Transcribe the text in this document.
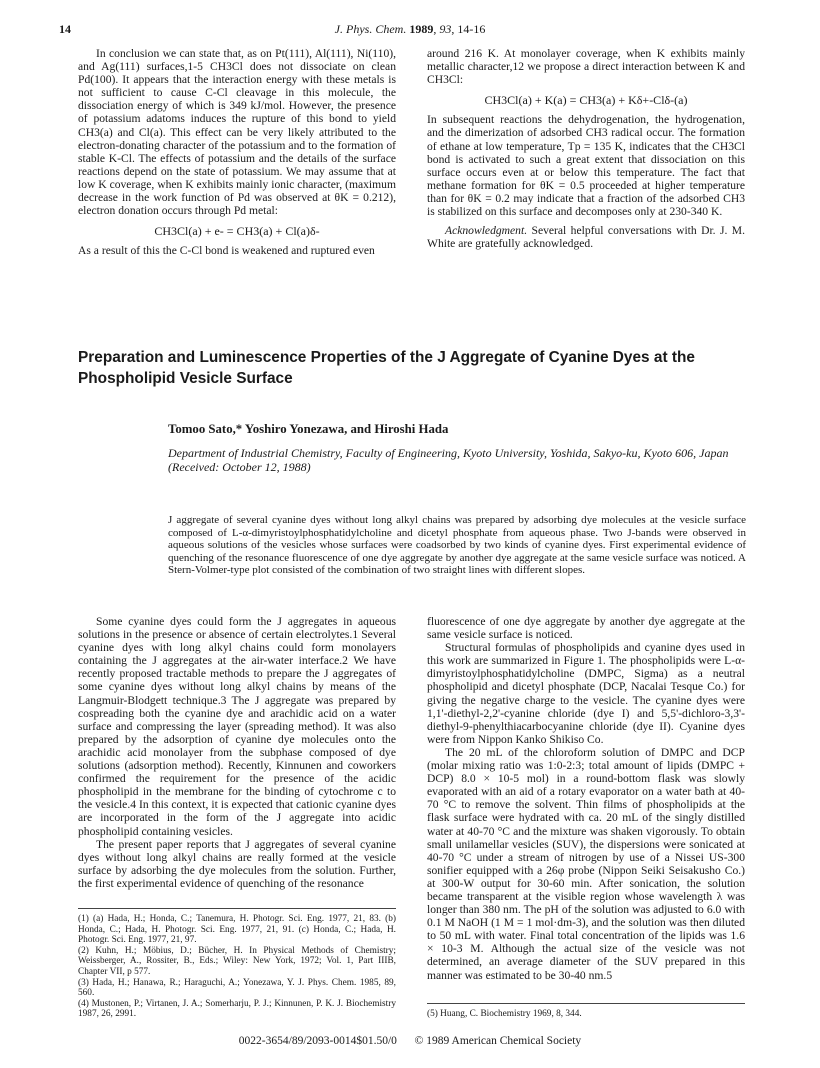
14	J. Phys. Chem. 1989, 93, 14-16

In conclusion we can state that, as on Pt(111), Al(111), Ni(110), and Ag(111) surfaces,1-5 CH3Cl does not dissociate on clean Pd(100). It appears that the interaction energy with these metals is not sufficient to cause C-Cl cleavage in this molecule, the dissociation energy of which is 349 kJ/mol. However, the presence of potassium adatoms induces the rupture of this bond to yield CH3(a) and Cl(a). This effect can be very likely attributed to the electron-donating character of the potassium and to the formation of stable K-Cl. The effects of potassium and the details of the surface reactions depend on the state of potassium. We may assume that at low K coverage, when K exhibits mainly ionic character, (maximum decrease in the work function of Pd was observed at θK = 0.212), electron donation occurs through Pd metal:

CH3Cl(a) + e- = CH3(a) + Cl(a)δ-

As a result of this the C-Cl bond is weakened and ruptured even

around 216 K. At monolayer coverage, when K exhibits mainly metallic character,12 we propose a direct interaction between K and CH3Cl:

CH3Cl(a) + K(a) = CH3(a) + Kδ+-Clδ-(a)

In subsequent reactions the dehydrogenation, the hydrogenation, and the dimerization of adsorbed CH3 radical occur. The formation of ethane at low temperature, Tp = 135 K, indicates that the CH3Cl bond is activated to such a great extent that dissociation on this surface occurs even at or below this temperature. The fact that methane formation for θK = 0.5 proceeded at higher temperature than for θK = 0.2 may indicate that a fraction of the adsorbed CH3 is stabilized on this surface and decomposes only at 230-340 K.

Acknowledgment. Several helpful conversations with Dr. J. M. White are gratefully acknowledged.

Preparation and Luminescence Properties of the J Aggregate of Cyanine Dyes at the Phospholipid Vesicle Surface
Tomoo Sato,* Yoshiro Yonezawa, and Hiroshi Hada
Department of Industrial Chemistry, Faculty of Engineering, Kyoto University, Yoshida, Sakyo-ku, Kyoto 606, Japan (Received: October 12, 1988)
J aggregate of several cyanine dyes without long alkyl chains was prepared by adsorbing dye molecules at the vesicle surface composed of L-α-dimyristoylphosphatidylcholine and dicetyl phosphate from aqueous phase. Two J-bands were observed in aqueous solutions of the vesicles whose surfaces were coadsorbed by two kinds of cyanine dyes. First experimental evidence of quenching of the resonance fluorescence of one dye aggregate by another dye aggregate at the same vesicle surface was noticed. A Stern-Volmer-type plot consisted of the combination of two straight lines with different slopes.

Some cyanine dyes could form the J aggregates in aqueous solutions in the presence or absence of certain electrolytes.1 Several cyanine dyes with long alkyl chains could form monolayers containing the J aggregates at the air-water interface.2 We have recently proposed tractable methods to prepare the J aggregates of some cyanine dyes without long alkyl chains by means of the Langmuir-Blodgett technique.3 The J aggregate was prepared by cospreading both the cyanine dye and arachidic acid on a water surface and compressing the layer (spreading method). It was also prepared by the adsorption of cyanine dye molecules onto the arachidic acid monolayer from the subphase composed of dye solutions (adsorption method). Recently, Kinnunen and coworkers confirmed the requirement for the presence of the acidic phospholipid in the membrane for the binding of cytochrome c to the vesicle.4 In this context, it is expected that cationic cyanine dyes are incorporated in the form of the J aggregate into acidic phospholipid containing vesicles.

The present paper reports that J aggregates of several cyanine dyes without long alkyl chains are really formed at the vesicle surface by adsorbing the dye molecules from the solution. Further, the first experimental evidence of quenching of the resonance

(1) (a) Hada, H.; Honda, C.; Tanemura, H. Photogr. Sci. Eng. 1977, 21, 83. (b) Honda, C.; Hada, H. Photogr. Sci. Eng. 1977, 21, 91. (c) Honda, C.; Hada, H. Photogr. Sci. Eng. 1977, 21, 97.

(2) Kuhn, H.; Möbius, D.; Bücher, H. In Physical Methods of Chemistry; Weissberger, A., Rossiter, B., Eds.; Wiley: New York, 1972; Vol. 1, Part IIIB, Chapter VII, p 577.

(3) Hada, H.; Hanawa, R.; Haraguchi, A.; Yonezawa, Y. J. Phys. Chem. 1985, 89, 560.

(4) Mustonen, P.; Virtanen, J. A.; Somerharju, P. J.; Kinnunen, P. K. J. Biochemistry 1987, 26, 2991.

fluorescence of one dye aggregate by another dye aggregate at the same vesicle surface is noticed.

Structural formulas of phospholipids and cyanine dyes used in this work are summarized in Figure 1. The phospholipids were L-α-dimyristoylphosphatidylcholine (DMPC, Sigma) as a neutral phospholipid and dicetyl phosphate (DCP, Nacalai Tesque Co.) for giving the negative charge to the vesicle. The cyanine dyes were 1,1'-diethyl-2,2'-cyanine chloride (dye I) and 5,5'-dichloro-3,3'-diethyl-9-phenylthiacarbocyanine chloride (dye II). Cyanine dyes were from Nippon Kanko Shikiso Co.

The 20 mL of the chloroform solution of DMPC and DCP (molar mixing ratio was 1:0-2:3; total amount of lipids (DMPC + DCP) 8.0 × 10-5 mol) in a round-bottom flask was slowly evaporated with an aid of a rotary evaporator on a water bath at 40-70 °C to remove the solvent. Thin films of phospholipids at the flask surface were hydrated with ca. 20 mL of the singly distilled water at 40-70 °C and the mixture was shaken vigorously. To obtain small unilamellar vesicles (SUV), the dispersions were sonicated at 40-70 °C under a stream of nitrogen by use of a Nissei US-300 sonifier equipped with a 26φ probe (Nippon Seiki Seisakusho Co.) at 300-W output for 30-60 min. After sonication, the solution became transparent at the visible region whose wavelength λ was longer than 380 nm. The pH of the solution was adjusted to 6.0 with 0.1 M NaOH (1 M = 1 mol·dm-3), and the solution was then diluted to 50 mL with water. Final total concentration of the lipids was 1.6 × 10-3 M. Although the actual size of the vesicle was not determined, an average diameter of the SUV prepared in this manner was estimated to be 30-40 nm.5

(5) Huang, C. Biochemistry 1969, 8, 344.
0022-3654/89/2093-0014$01.50/0 © 1989 American Chemical Society
